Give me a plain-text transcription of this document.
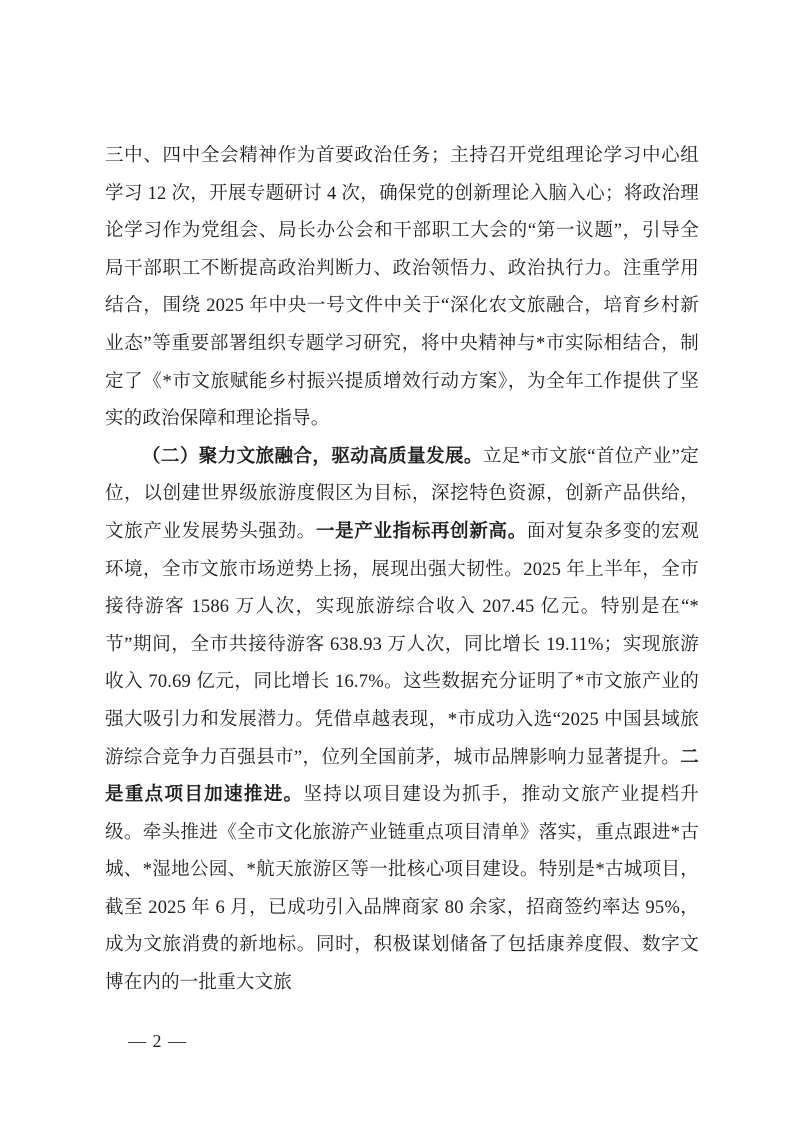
三中、四中全会精神作为首要政治任务；主持召开党组理论学习中心组学习 12 次，开展专题研讨 4 次，确保党的创新理论入脑入心；将政治理论学习作为党组会、局长办公会和干部职工大会的“第一议题”，引导全局干部职工不断提高政治判断力、政治领悟力、政治执行力。注重学用结合，围绕 2025 年中央一号文件中关于“深化农文旅融合，培育乡村新业态”等重要部署组织专题学习研究，将中央精神与*市实际相结合，制定了《*市文旅赋能乡村振兴提质增效行动方案》，为全年工作提供了坚实的政治保障和理论指导。

（二）聚力文旅融合，驱动高质量发展。立足*市文旅“首位产业”定位，以创建世界级旅游度假区为目标，深挖特色资源，创新产品供给，文旅产业发展势头强劲。一是产业指标再创新高。面对复杂多变的宏观环境，全市文旅市场逆势上扬，展现出强大韧性。2025 年上半年，全市接待游客 1586 万人次，实现旅游综合收入 207.45 亿元。特别是在“*节”期间，全市共接待游客 638.93 万人次，同比增长 19.11%；实现旅游收入 70.69 亿元，同比增长 16.7%。这些数据充分证明了*市文旅产业的强大吸引力和发展潜力。凭借卓越表现，*市成功入选“2025 中国县域旅游综合竞争力百强县市”，位列全国前茅，城市品牌影响力显著提升。二是重点项目加速推进。坚持以项目建设为抓手，推动文旅产业提档升级。牵头推进《全市文化旅游产业链重点项目清单》落实，重点跟进*古城、*湿地公园、*航天旅游区等一批核心项目建设。特别是*古城项目，截至 2025 年 6 月，已成功引入品牌商家 80 余家，招商签约率达 95%，成为文旅消费的新地标。同时，积极谋划储备了包括康养度假、数字文博在内的一批重大文旅

— 2 —
